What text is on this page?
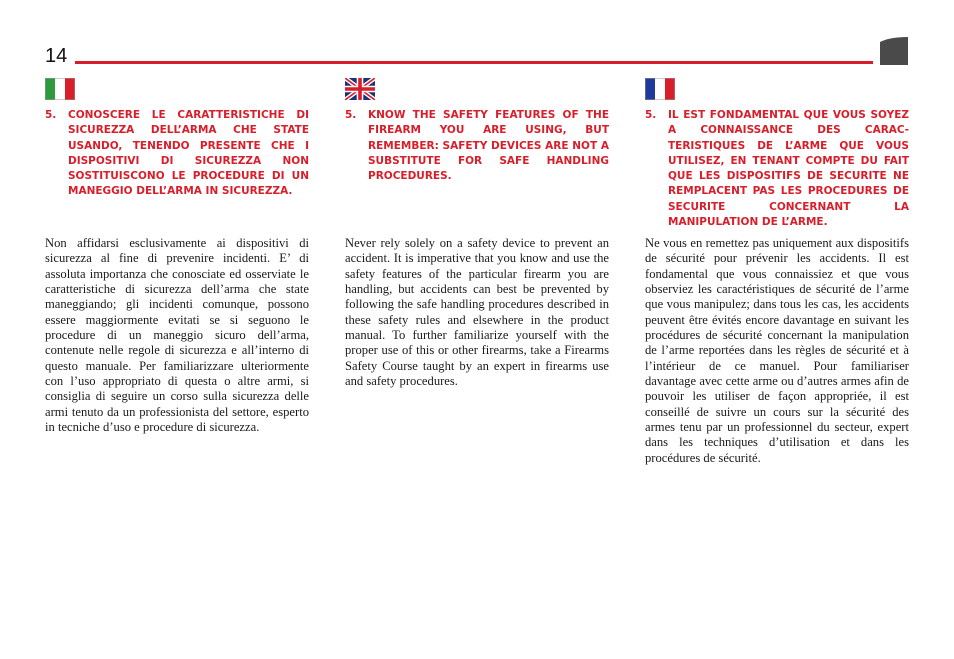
14
5.	CONOSCERE LE CARATTERISTICHE DI SICUREZZA DELL’ARMA CHE STATE USANDO, TENENDO PRESENTE CHE I DISPOSITIVI DI SICUREZZA NON SOSTITUISCONO LE PROCEDURE DI UN MANEGGIO DELL’ARMA IN SICUREZZA.
Non affidarsi esclusivamente ai dispositivi di sicurezza al fine di prevenire incidenti. E’ di assoluta importanza che conosciate ed osserviate le caratteristiche di sicurezza dell’arma che state maneggiando; gli incidenti comunque, possono essere maggiormente evitati se si seguono le procedure di un maneggio sicuro dell’arma, contenute nelle regole di sicurezza e all’interno di questo manuale. Per familiarizzare ulteriormente con l’uso appropriato di questa o altre armi, si consiglia di seguire un corso sulla sicurezza delle armi tenuto da un professionista del settore, esperto in tecniche d’uso e procedure di sicurezza.
5.	KNOW THE SAFETY FEATURES OF THE FIREARM YOU ARE USING, BUT REMEMBER: SAFETY DEVICES ARE NOT A SUBSTITUTE FOR SAFE HANDLING PROCEDURES.
Never rely solely on a safety device to prevent an accident. It is imperative that you know and use the safety features of the particular firearm you are handling, but accidents can best be prevented by following the safe handling procedures described in these safety rules and elsewhere in the product manual. To further familiarize yourself with the proper use of this or other firearms, take a Firearms Safety Course taught by an expert in firearms use and safety procedures.
5.	IL EST FONDAMENTAL QUE VOUS SOYEZ A CONNAISSANCE DES CARACTERISTIQUES DE L’ARME QUE VOUS UTILISEZ, EN TENANT COMPTE DU FAIT QUE LES DISPOSITIFS DE SECURITE NE REMPLACENT PAS LES PROCEDURES DE SECURITE CONCERNANT LA MANIPULATION DE L’ARME.
Ne vous en remettez pas uniquement aux dispositifs de sécurité pour prévenir les accidents. Il est fondamental que vous connaissiez et que vous observiez les caractéristiques de sécurité de l’arme que vous manipulez; dans tous les cas, les accidents peuvent être évités encore davantage en suivant les procédures de sécurité concernant la manipulation de l’arme reportées dans les règles de sécurité et à l’intérieur de ce manuel. Pour familiariser davantage avec cette arme ou d’autres armes afin de pouvoir les utiliser de façon appropriée, il est conseillé de suivre un cours sur la sécurité des armes tenu par un professionnel du secteur, expert dans les techniques d’utilisation et dans les procédures de sécurité.
